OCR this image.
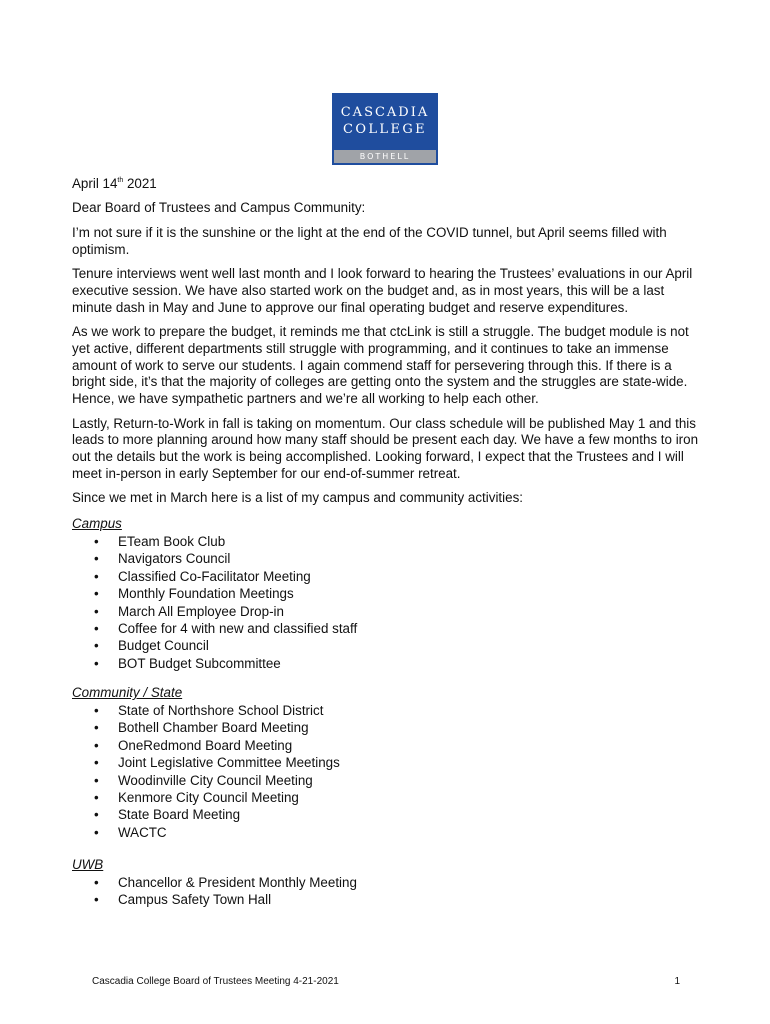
CASCADIA
COLLEGE
BOTHELL

April 14th 2021

Dear Board of Trustees and Campus Community:

I’m not sure if it is the sunshine or the light at the end of the COVID tunnel, but April seems filled with optimism.

Tenure interviews went well last month and I look forward to hearing the Trustees’ evaluations in our April executive session. We have also started work on the budget and, as in most years, this will be a last minute dash in May and June to approve our final operating budget and reserve expenditures.

As we work to prepare the budget, it reminds me that ctcLink is still a struggle. The budget module is not yet active, different departments still struggle with programming, and it continues to take an immense amount of work to serve our students. I again commend staff for persevering through this. If there is a bright side, it’s that the majority of colleges are getting onto the system and the struggles are state-wide. Hence, we have sympathetic partners and we’re all working to help each other.

Lastly, Return-to-Work in fall is taking on momentum. Our class schedule will be published May 1 and this leads to more planning around how many staff should be present each day. We have a few months to iron out the details but the work is being accomplished. Looking forward, I expect that the Trustees and I will meet in-person in early September for our end-of-summer retreat.

Since we met in March here is a list of my campus and community activities:

Campus
• ETeam Book Club
• Navigators Council
• Classified Co-Facilitator Meeting
• Monthly Foundation Meetings
• March All Employee Drop-in
• Coffee for 4 with new and classified staff
• Budget Council
• BOT Budget Subcommittee
Community / State
• State of Northshore School District
• Bothell Chamber Board Meeting
• OneRedmond Board Meeting
• Joint Legislative Committee Meetings
• Woodinville City Council Meeting
• Kenmore City Council Meeting
• State Board Meeting
• WACTC
UWB
• Chancellor & President Monthly Meeting
• Campus Safety Town Hall
Cascadia College Board of Trustees Meeting 4-21-2021	1
